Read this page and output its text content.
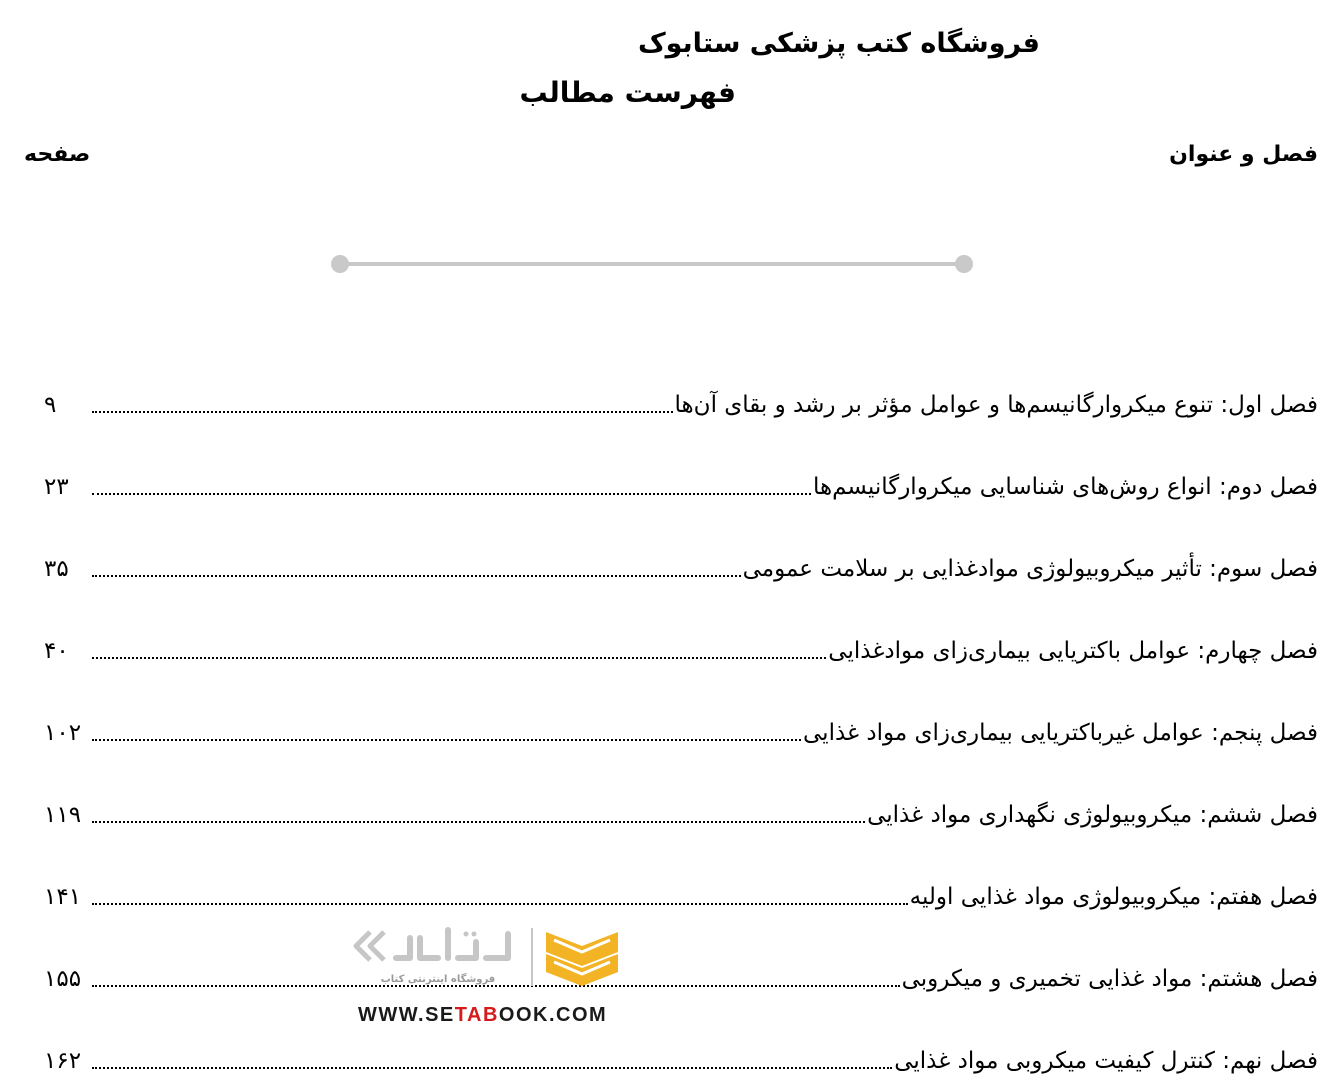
فروشگاه کتب پزشکی ستابوک
فهرست مطالب
صفحه	فصل و عنوان
فصل اول: تنوع میکروارگانیسم‌ها و عوامل مؤثر بر رشد و بقای آن‌ها
۹
فصل دوم: انواع روش‌های شناسایی میکروارگانیسم‌ها
۲۳
فصل سوم: تأثیر میکروبیولوژی موادغذایی بر سلامت عمومی
۳۵
فصل چهارم: عوامل باکتریایی بیماری‌زای موادغذایی
۴۰
فصل پنجم: عوامل غیرباکتریایی بیماری‌زای مواد غذایی
۱۰۲
فصل ششم: میکروبیولوژی نگهداری مواد غذایی
۱۱۹
فصل هفتم: میکروبیولوژی مواد غذایی اولیه
۱۴۱
فصل هشتم: مواد غذایی تخمیری و میکروبی
۱۵۵
فصل نهم: کنترل کیفیت میکروبی مواد غذایی
۱۶۲
فروشگاه اینترنتی کتاب
WWW.SETABOOK.COM
